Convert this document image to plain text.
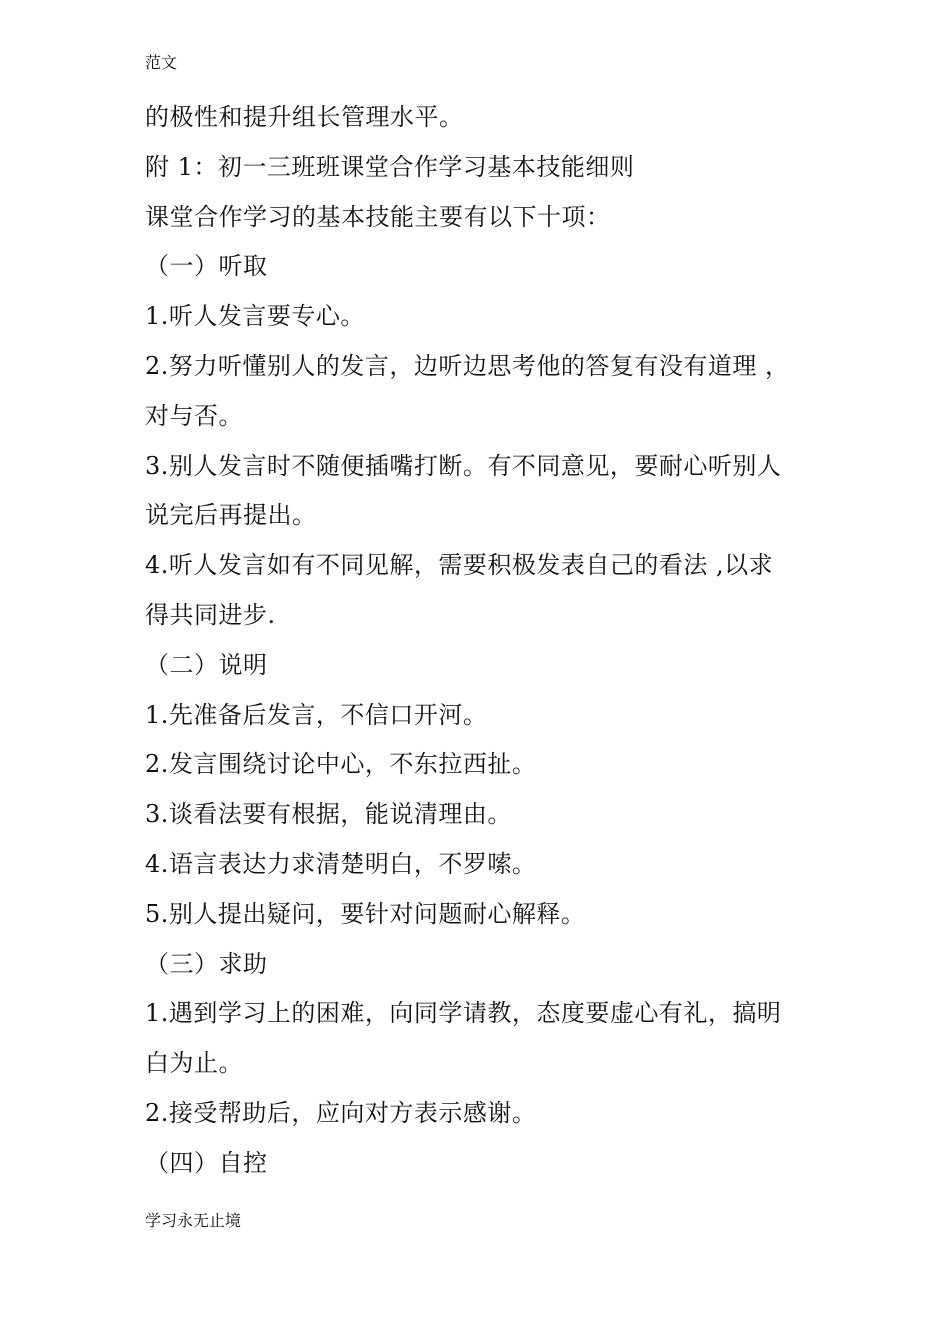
范文
的极性和提升组长管理水平。
附 1：初一三班班课堂合作学习基本技能细则
课堂合作学习的基本技能主要有以下十项：
（一）听取
1.听人发言要专心。
2.努力听懂别人的发言，边听边思考他的答复有没有道理 ，
对与否。
3.别人发言时不随便插嘴打断。有不同意见，要耐心听别人
说完后再提出。
4.听人发言如有不同见解，需要积极发表自己的看法 ,以求
得共同进步.
（二）说明
1.先准备后发言，不信口开河。
2.发言围绕讨论中心，不东拉西扯。
3.谈看法要有根据，能说清理由。
4.语言表达力求清楚明白，不罗嗦。
5.别人提出疑问，要针对问题耐心解释。
（三）求助
1.遇到学习上的困难，向同学请教，态度要虚心有礼，搞明
白为止。
2.接受帮助后，应向对方表示感谢。
（四）自控
学习永无止境
